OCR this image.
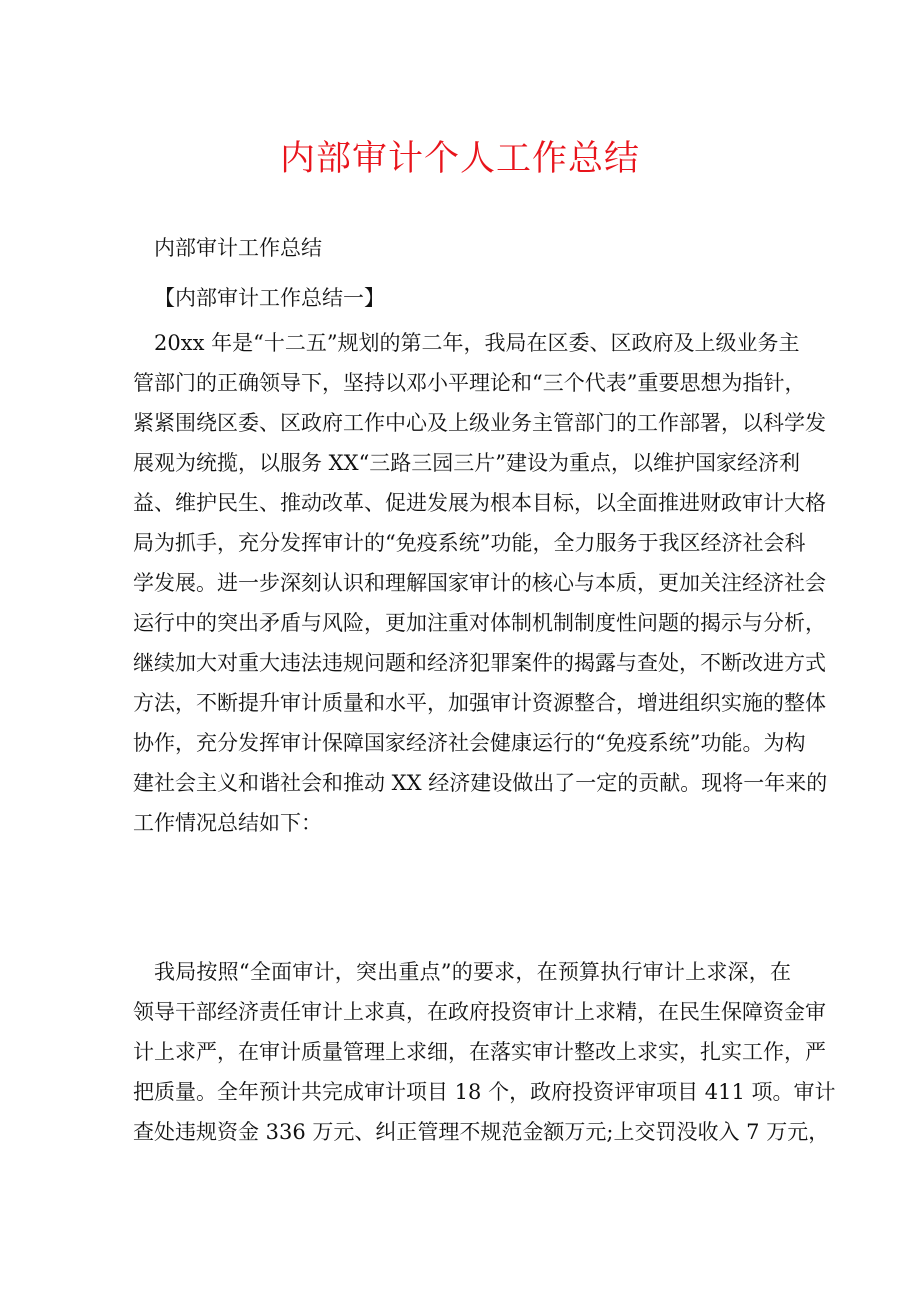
内部审计个人工作总结
内部审计工作总结
【内部审计工作总结一】
20xx 年是“十二五”规划的第二年，我局在区委、区政府及上级业务主
管部门的正确领导下，坚持以邓小平理论和“三个代表”重要思想为指针，
紧紧围绕区委、区政府工作中心及上级业务主管部门的工作部署，以科学发
展观为统揽，以服务 XX“三路三园三片”建设为重点，以维护国家经济利
益、维护民生、推动改革、促进发展为根本目标，以全面推进财政审计大格
局为抓手，充分发挥审计的“免疫系统”功能，全力服务于我区经济社会科
学发展。进一步深刻认识和理解国家审计的核心与本质，更加关注经济社会
运行中的突出矛盾与风险，更加注重对体制机制制度性问题的揭示与分析，
继续加大对重大违法违规问题和经济犯罪案件的揭露与查处，不断改进方式
方法，不断提升审计质量和水平，加强审计资源整合，增进组织实施的整体
协作，充分发挥审计保障国家经济社会健康运行的“免疫系统”功能。为构
建社会主义和谐社会和推动 XX 经济建设做出了一定的贡献。现将一年来的
工作情况总结如下：
我局按照“全面审计，突出重点”的要求，在预算执行审计上求深，在
领导干部经济责任审计上求真，在政府投资审计上求精，在民生保障资金审
计上求严，在审计质量管理上求细，在落实审计整改上求实，扎实工作，严
把质量。全年预计共完成审计项目 18 个，政府投资评审项目 411 项。审计
查处违规资金 336 万元、纠正管理不规范金额万元;上交罚没收入 7 万元，
